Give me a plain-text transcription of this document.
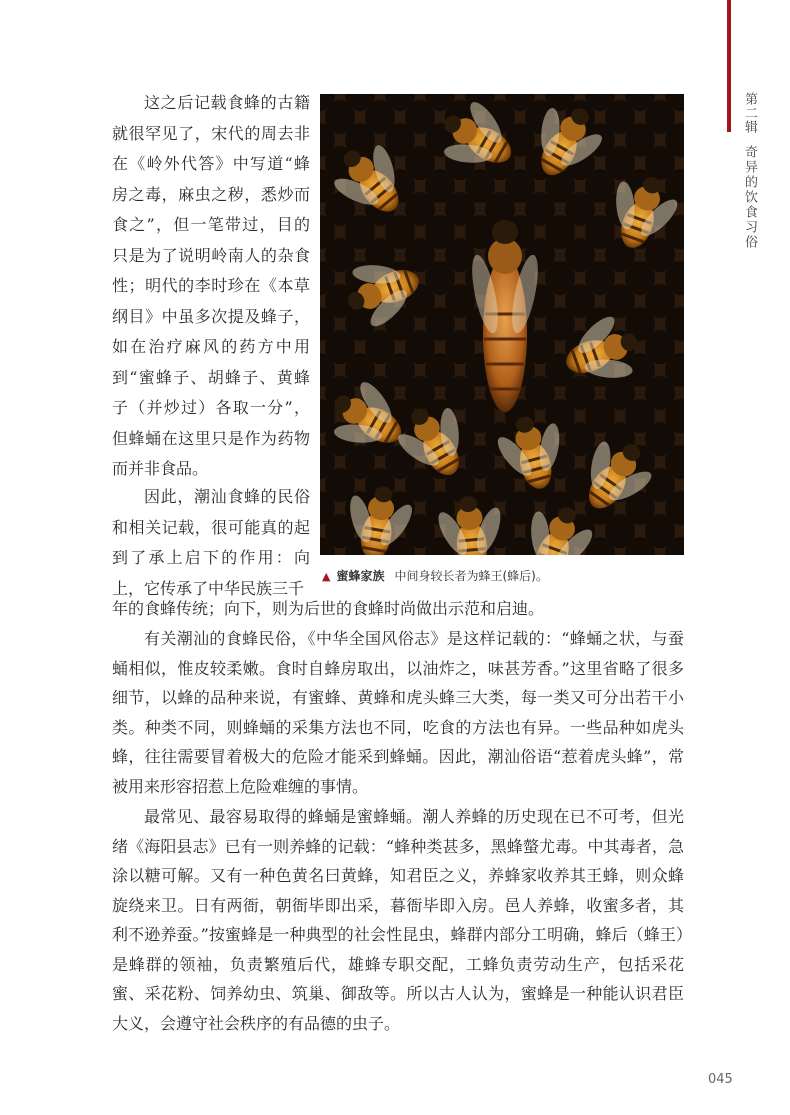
第二辑
奇异的饮食习俗

这之后记载食蜂的古籍就很罕见了，宋代的周去非在《岭外代答》中写道“蜂房之毒，麻虫之秽，悉炒而食之”，但一笔带过，目的只是为了说明岭南人的杂食性；明代的李时珍在《本草纲目》中虽多次提及蜂子，如在治疗麻风的药方中用到“蜜蜂子、胡蜂子、黄蜂子（并炒过）各取一分”，但蜂蛹在这里只是作为药物而并非食品。

因此，潮汕食蜂的民俗和相关记载，很可能真的起到了承上启下的作用：向上，它传承了中华民族三千

年的食蜂传统；向下，则为后世的食蜂时尚做出示范和启迪。

有关潮汕的食蜂民俗，《中华全国风俗志》是这样记载的：“蜂蛹之状，与蚕蛹相似，惟皮较柔嫩。食时自蜂房取出，以油炸之，味甚芳香。”这里省略了很多细节，以蜂的品种来说，有蜜蜂、黄蜂和虎头蜂三大类，每一类又可分出若干小类。种类不同，则蜂蛹的采集方法也不同，吃食的方法也有异。一些品种如虎头蜂，往往需要冒着极大的危险才能采到蜂蛹。因此，潮汕俗语“惹着虎头蜂”，常被用来形容招惹上危险难缠的事情。

最常见、最容易取得的蜂蛹是蜜蜂蛹。潮人养蜂的历史现在已不可考，但光绪《海阳县志》已有一则养蜂的记载：“蜂种类甚多，黑蜂螫尤毒。中其毒者，急涂以糖可解。又有一种色黄名曰黄蜂，知君臣之义，养蜂家收养其王蜂，则众蜂旋绕来卫。日有两衙，朝衙毕即出采，暮衙毕即入房。邑人养蜂，收蜜多者，其利不逊养蚕。”按蜜蜂是一种典型的社会性昆虫，蜂群内部分工明确，蜂后（蜂王）是蜂群的领袖，负责繁殖后代，雄蜂专职交配，工蜂负责劳动生产，包括采花蜜、采花粉、饲养幼虫、筑巢、御敌等。所以古人认为，蜜蜂是一种能认识君臣大义，会遵守社会秩序的有品德的虫子。

▲ 蜜蜂家族 中间身较长者为蜂王(蜂后)。
045
